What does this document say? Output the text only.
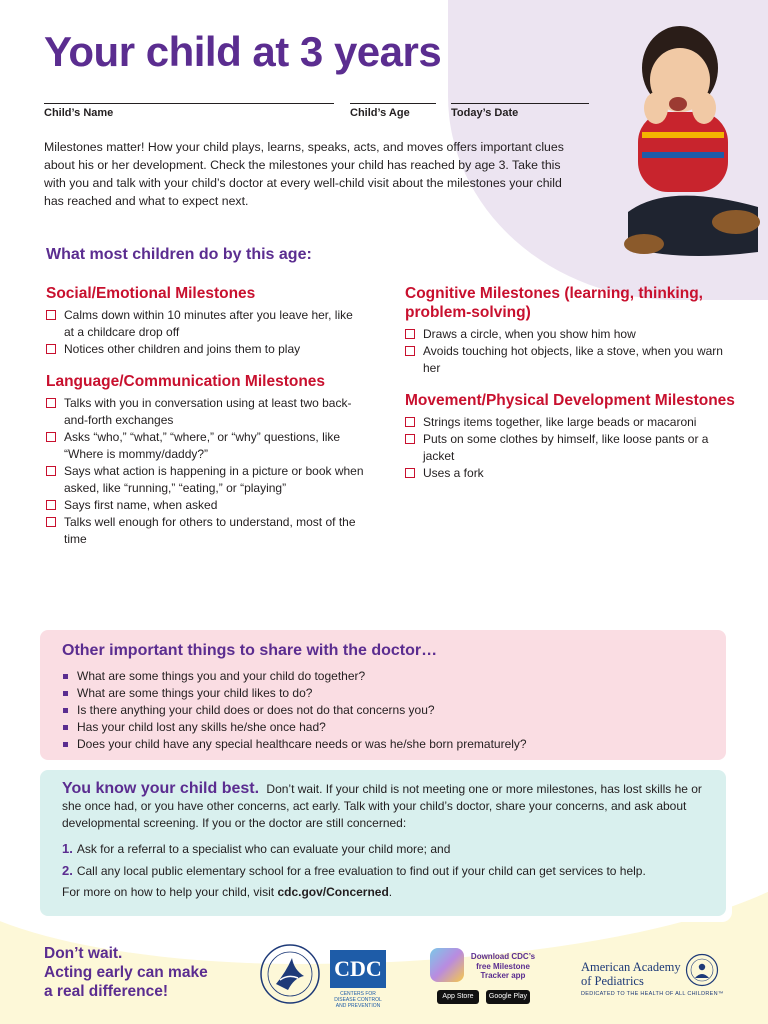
Your child at 3 years
Child’s Name	Child’s Age	Today’s Date

Milestones matter! How your child plays, learns, speaks, acts, and moves offers important clues about his or her development. Check the milestones your child has reached by age 3. Take this with you and talk with your child’s doctor at every well-child visit about the milestones your child has reached and what to expect next.

What most children do by this age:
Social/Emotional Milestones
Calms down within 10 minutes after you leave her, like at a childcare drop off
Notices other children and joins them to play
Language/Communication Milestones
Talks with you in conversation using at least two back-and-forth exchanges
Asks “who,” “what,” “where,” or “why” questions, like “Where is mommy/daddy?”
Says what action is happening in a picture or book when asked, like “running,” “eating,” or “playing”
Says first name, when asked
Talks well enough for others to understand, most of the time
Cognitive Milestones (learning, thinking, problem-solving)
Draws a circle, when you show him how
Avoids touching hot objects, like a stove, when you warn her
Movement/Physical Development Milestones
Strings items together, like large beads or macaroni
Puts on some clothes by himself, like loose pants or a jacket
Uses a fork
Other important things to share with the doctor…
What are some things you and your child do together?
What are some things your child likes to do?
Is there anything your child does or does not do that concerns you?
Has your child lost any skills he/she once had?
Does your child have any special healthcare needs or was he/she born prematurely?

You know your child best. Don’t wait. If your child is not meeting one or more milestones, has lost skills he or she once had, or you have other concerns, act early. Talk with your child’s doctor, share your concerns, and ask about developmental screening. If you or the doctor are still concerned:

1. Ask for a referral to a specialist who can evaluate your child more; and

2. Call any local public elementary school for a free evaluation to find out if your child can get services to help.

For more on how to help your child, visit cdc.gov/Concerned.

Don’t wait.
Acting early can make
a real difference!

CDC
CENTERS FOR DISEASE CONTROL AND PREVENTION

Download CDC’s free Milestone Tracker app

App Store	Google Play

American Academy of Pediatrics

DEDICATED TO THE HEALTH OF ALL CHILDREN™
